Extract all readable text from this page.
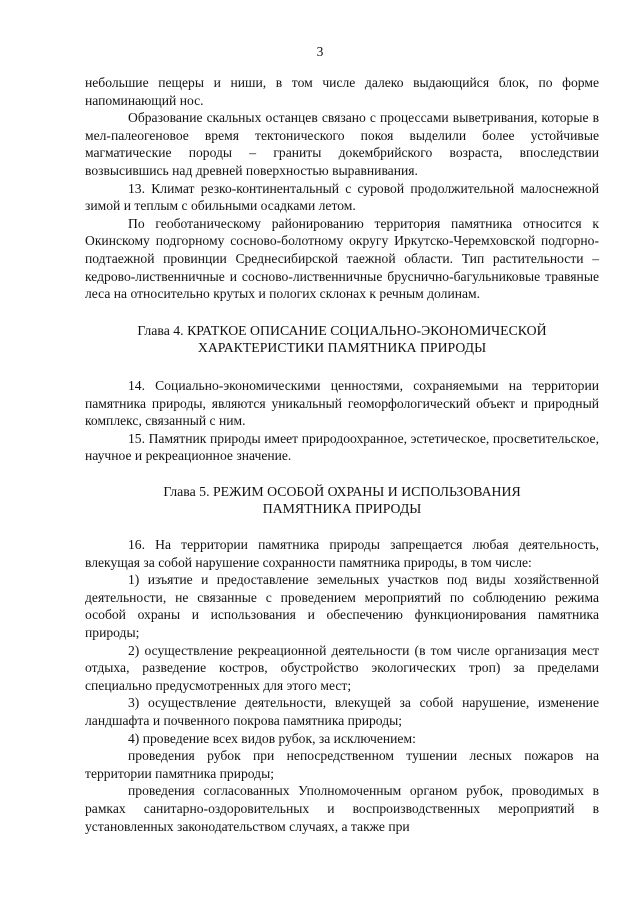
3

небольшие пещеры и ниши, в том числе далеко выдающийся блок, по форме напоминающий нос.

Образование скальных останцев связано с процессами выветривания, которые в мел-палеогеновое время тектонического покоя выделили более устойчивые магматические породы – граниты докембрийского возраста, впоследствии возвысившись над древней поверхностью выравнивания.

13. Климат резко-континентальный с суровой продолжительной малоснежной зимой и теплым с обильными осадками летом.

По геоботаническому районированию территория памятника относится к Окинскому подгорному сосново-болотному округу Иркутско-Черемховской подгорно-подтаежной провинции Среднесибирской таежной области. Тип растительности – кедрово-лиственничные и сосново-лиственничные бруснично-багульниковые травяные леса на относительно крутых и пологих склонах к речным долинам.

Глава 4. КРАТКОЕ ОПИСАНИЕ СОЦИАЛЬНО-ЭКОНОМИЧЕСКОЙ
ХАРАКТЕРИСТИКИ ПАМЯТНИКА ПРИРОДЫ

14. Социально-экономическими ценностями, сохраняемыми на территории памятника природы, являются уникальный геоморфологический объект и природный комплекс, связанный с ним.

15. Памятник природы имеет природоохранное, эстетическое, просветительское, научное и рекреационное значение.

Глава 5. РЕЖИМ ОСОБОЙ ОХРАНЫ И ИСПОЛЬЗОВАНИЯ
ПАМЯТНИКА ПРИРОДЫ

16. На территории памятника природы запрещается любая деятельность, влекущая за собой нарушение сохранности памятника природы, в том числе:

1) изъятие и предоставление земельных участков под виды хозяйственной деятельности, не связанные с проведением мероприятий по соблюдению режима особой охраны и использования и обеспечению функционирования памятника природы;

2) осуществление рекреационной деятельности (в том числе организация мест отдыха, разведение костров, обустройство экологических троп) за пределами специально предусмотренных для этого мест;

3) осуществление деятельности, влекущей за собой нарушение, изменение ландшафта и почвенного покрова памятника природы;

4) проведение всех видов рубок, за исключением:

проведения рубок при непосредственном тушении лесных пожаров на территории памятника природы;

проведения согласованных Уполномоченным органом рубок, проводимых в рамках санитарно-оздоровительных и воспроизводственных мероприятий в установленных законодательством случаях, а также при
